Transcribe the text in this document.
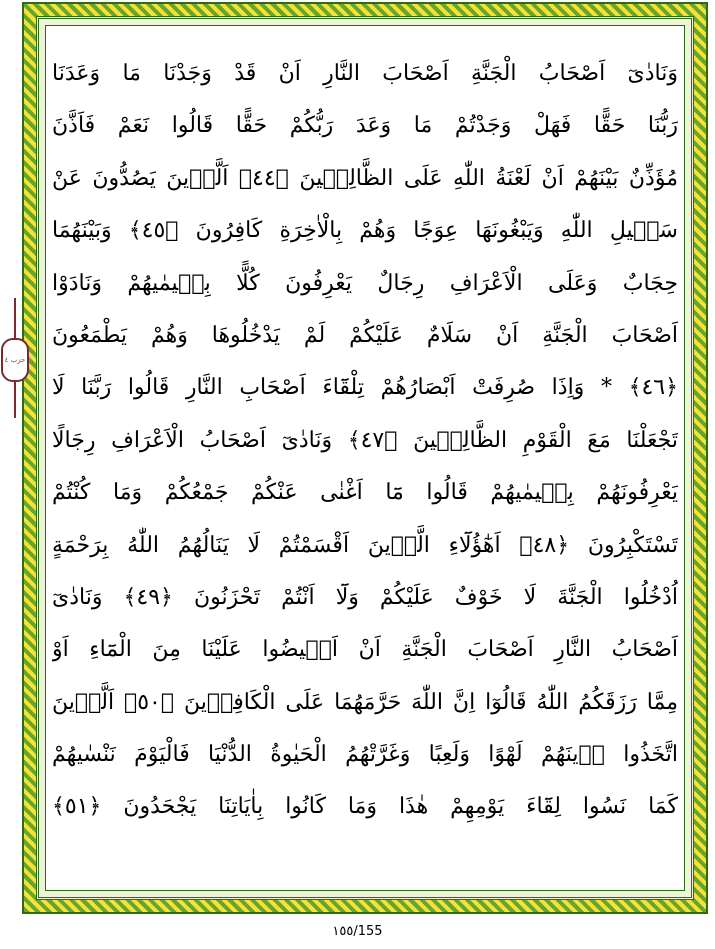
وَنَادٰىٓ اَصْحَابُ الْجَنَّةِ اَصْحَابَ النَّارِ اَنْ قَدْ وَجَدْنَا مَا وَعَدَنَا
رَبُّنَا حَقًّا فَهَلْ وَجَدْتُمْ مَا وَعَدَ رَبُّكُمْ حَقًّا قَالُوا نَعَمْ فَاَذَّنَ
مُؤَذِّنٌ بَيْنَهُمْ اَنْ لَعْنَةُ اللّٰهِ عَلَى الظَّالِم۪ينَ ﴿٤٤﴾ اَلَّذ۪ينَ يَصُدُّونَ عَنْ
سَب۪يلِ اللّٰهِ وَيَبْغُونَهَا عِوَجًا وَهُمْ بِالْاٰخِرَةِ كَافِرُونَ ﴿٤٥﴾ وَبَيْنَهُمَا
حِجَابٌ وَعَلَى الْاَعْرَافِ رِجَالٌ يَعْرِفُونَ كُلًّا بِس۪يمٰيهُمْ وَنَادَوْا
اَصْحَابَ الْجَنَّةِ اَنْ سَلَامٌ عَلَيْكُمْ لَمْ يَدْخُلُوهَا وَهُمْ يَطْمَعُونَ
﴿٤٦﴾ * وَاِذَا صُرِفَتْ اَبْصَارُهُمْ تِلْقَٓاءَ اَصْحَابِ النَّارِ قَالُوا رَبَّنَا لَا
تَجْعَلْنَا مَعَ الْقَوْمِ الظَّالِم۪ينَ ﴿٤٧﴾ وَنَادٰىٓ اَصْحَابُ الْاَعْرَافِ رِجَالًا
يَعْرِفُونَهُمْ بِس۪يمٰيهُمْ قَالُوا مَٓا اَغْنٰى عَنْكُمْ جَمْعُكُمْ وَمَا كُنْتُمْ
تَسْتَكْبِرُونَ ﴿٤٨﴾ اَهٰٓؤُلَٓاءِ الَّذ۪ينَ اَقْسَمْتُمْ لَا يَنَالُهُمُ اللّٰهُ بِرَحْمَةٍ
اُدْخُلُوا الْجَنَّةَ لَا خَوْفٌ عَلَيْكُمْ وَلَٓا اَنْتُمْ تَحْزَنُونَ ﴿٤٩﴾ وَنَادٰىٓ
اَصْحَابُ النَّارِ اَصْحَابَ الْجَنَّةِ اَنْ اَف۪يضُوا عَلَيْنَا مِنَ الْمَٓاءِ اَوْ
مِمَّا رَزَقَكُمُ اللّٰهُ قَالُوٓا اِنَّ اللّٰهَ حَرَّمَهُمَا عَلَى الْكَافِر۪ينَ ﴿٥٠﴾ اَلَّذ۪ينَ
اتَّخَذُوا د۪ينَهُمْ لَهْوًا وَلَعِبًا وَغَرَّتْهُمُ الْحَيٰوةُ الدُّنْيَا فَالْيَوْمَ نَنْسٰيهُمْ
كَمَا نَسُوا لِقَٓاءَ يَوْمِهِمْ هٰذَا وَمَا كَانُوا بِاٰيَاتِنَا يَجْحَدُونَ ﴿٥١﴾
حزب ٤
١٥٥/155
